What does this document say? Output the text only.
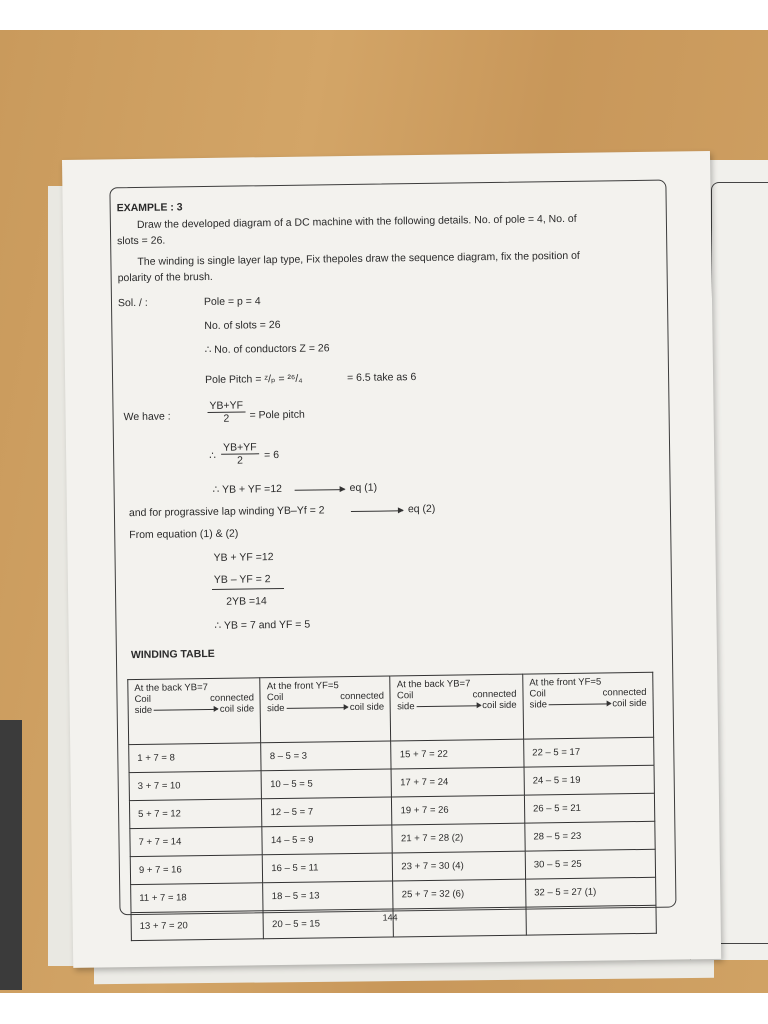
EXAMPLE : 3
Draw the developed diagram of a DC machine with the following details. No. of pole = 4, No. of
slots = 26.
The winding is single layer lap type, Fix thepoles draw the sequence diagram, fix the position of
polarity of the brush.
Sol. / :	Pole = p = 4
No. of slots = 26
∴ No. of conductors Z = 26
Pole Pitch = ᶻ/ₚ = ²⁶/₄	= 6.5 take as 6
We have :	$\frac{YB+YF}{2}$ = Pole pitch
∴ $\frac{YB+YF}{2} = 6$
∴ YB + YF =12	eq (1)
and for prograssive lap winding YB–Yf = 2	eq (2)
From equation (1) & (2)
YB + YF =12
YB – YF = 2
2YB =14
∴ YB = 7 and YF = 5
WINDING TABLE
At the back YB=7
Coil connected
side coil side	At the front YF=5
Coil connected
side coil side	At the back YB=7
Coil connected
side coil side	At the front YF=5
Coil connected
side coil side

1 + 7 = 8	8 – 5 = 3	15 + 7 = 22	22 – 5 = 17
3 + 7 = 10	10 – 5 = 5	17 + 7 = 24	24 – 5 = 19
5 + 7 = 12	12 – 5 = 7	19 + 7 = 26	26 – 5 = 21
7 + 7 = 14	14 – 5 = 9	21 + 7 = 28 (2)	28 – 5 = 23
9 + 7 = 16	16 – 5 = 11	23 + 7 = 30 (4)	30 – 5 = 25
11 + 7 = 18	18 – 5 = 13	25 + 7 = 32 (6)	32 – 5 = 27 (1)
13 + 7 = 20	20 – 5 = 15		
144
